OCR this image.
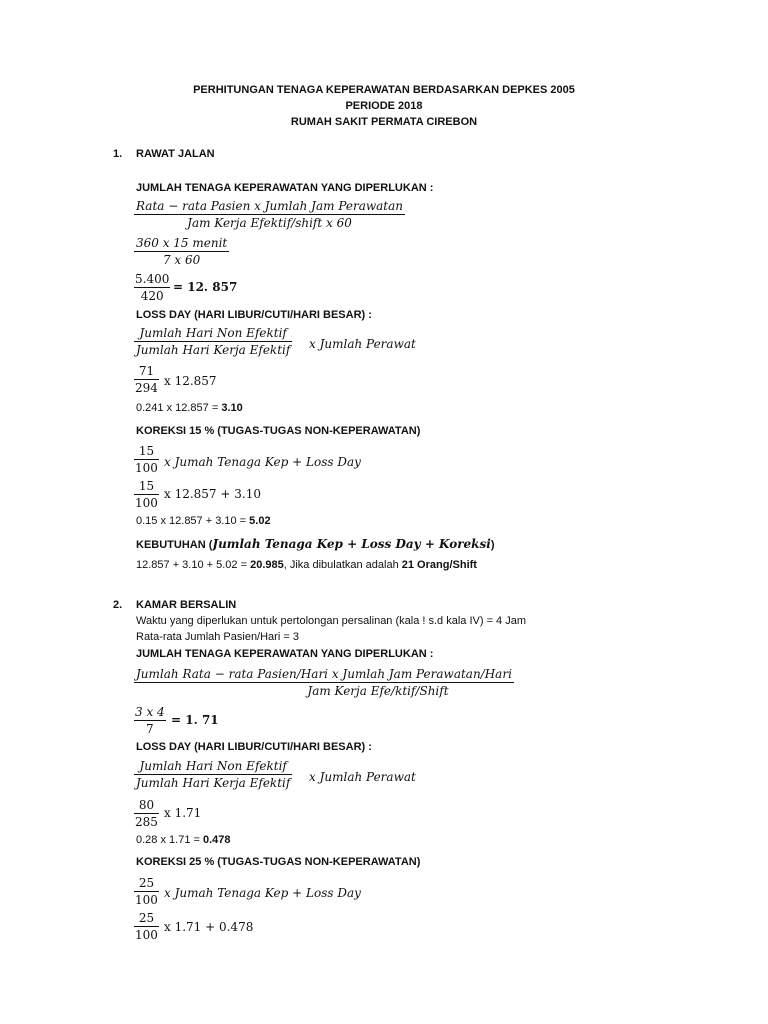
PERHITUNGAN TENAGA KEPERAWATAN BERDASARKAN DEPKES 2005
PERIODE 2018
RUMAH SAKIT PERMATA CIREBON
1. RAWAT JALAN
JUMLAH TENAGA KEPERAWATAN YANG DIPERLUKAN :
Rata − rata Pasien x Jumlah Jam Perawatan
Jam Kerja Efektif/shift x 60
360 x 15 menit
7 x 60
$\frac{5.400}{420} = 12$. 857
LOSS DAY (HARI LIBUR/CUTI/HARI BESAR) :
Jumlah Hari Non Efektif
Jumlah Hari Kerja Efektif x Jumlah Perawat
$\frac{71}{294}$ x 12.857
0.241 x 12.857 = 3.10
KOREKSI 15 % (TUGAS-TUGAS NON-KEPERAWATAN)
$\frac{15}{100}$ x Jumah Tenaga Kep + Loss Day
$\frac{15}{100}$ x 12.857 + 3.10
0.15 x 12.857 + 3.10 = 5.02
KEBUTUHAN (Jumlah Tenaga Kep + Loss Day + Koreksi)
12.857 + 3.10 + 5.02 = 20.985, Jika dibulatkan adalah 21 Orang/Shift
2. KAMAR BERSALIN
Waktu yang diperlukan untuk pertolongan persalinan (kala ! s.d kala IV) = 4 Jam
Rata-rata Jumlah Pasien/Hari = 3
JUMLAH TENAGA KEPERAWATAN YANG DIPERLUKAN :
Jumlah Rata − rata Pasien/Hari x Jumlah Jam Perawatan/Hari
Jam Kerja Efe/ktif/Shift
$\frac{3 x 4}{7} = 1$. 71
LOSS DAY (HARI LIBUR/CUTI/HARI BESAR) :
Jumlah Hari Non Efektif
Jumlah Hari Kerja Efektif x Jumlah Perawat
$\frac{80}{285}$ x 1.71
0.28 x 1.71 = 0.478
KOREKSI 25 % (TUGAS-TUGAS NON-KEPERAWATAN)
$\frac{25}{100}$ x Jumah Tenaga Kep + Loss Day
$\frac{25}{100}$ x 1.71 + 0.478
